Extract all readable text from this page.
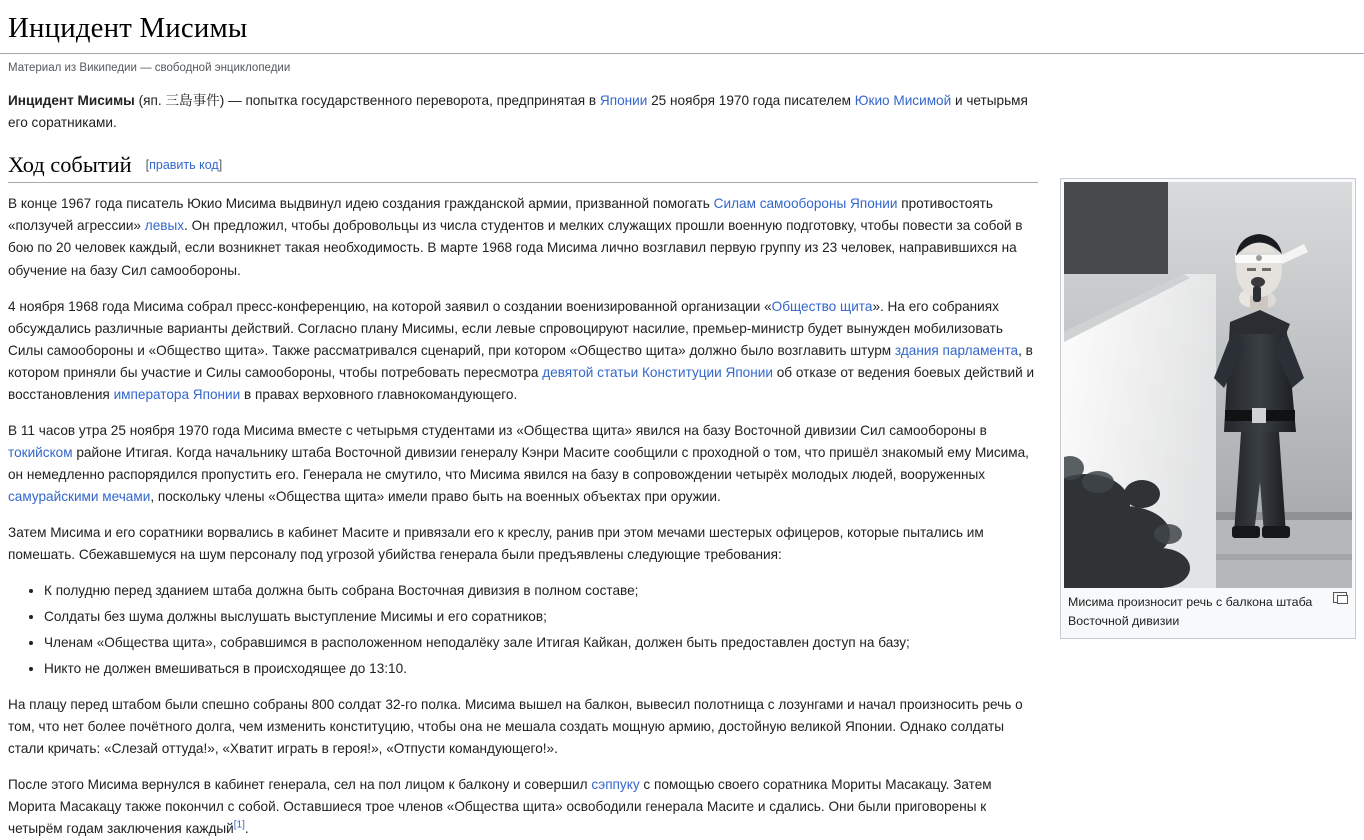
Инцидент Мисимы
Материал из Википедии — свободной энциклопедии
Мисима произносит речь с балкона штаба Восточной дивизии

Инцидент Мисимы (яп. 三島事件) — попытка государственного переворота, предпринятая в Японии 25 ноября 1970 года писателем Юкио Мисимой и четырьмя его соратниками.

Ход событий [править код]

В конце 1967 года писатель Юкио Мисима выдвинул идею создания гражданской армии, призванной помогать Силам самообороны Японии противостоять «ползучей агрессии» левых. Он предложил, чтобы добровольцы из числа студентов и мелких служащих прошли военную подготовку, чтобы повести за собой в бою по 20 человек каждый, если возникнет такая необходимость. В марте 1968 года Мисима лично возглавил первую группу из 23 человек, направившихся на обучение на базу Сил самообороны.

4 ноября 1968 года Мисима собрал пресс-конференцию, на которой заявил о создании военизированной организации «Общество щита». На его собраниях обсуждались различные варианты действий. Согласно плану Мисимы, если левые спровоцируют насилие, премьер-министр будет вынужден мобилизовать Силы самообороны и «Общество щита». Также рассматривался сценарий, при котором «Общество щита» должно было возглавить штурм здания парламента, в котором приняли бы участие и Силы самообороны, чтобы потребовать пересмотра девятой статьи Конституции Японии об отказе от ведения боевых действий и восстановления императора Японии в правах верховного главнокомандующего.

В 11 часов утра 25 ноября 1970 года Мисима вместе с четырьмя студентами из «Общества щита» явился на базу Восточной дивизии Сил самообороны в токийском районе Итигая. Когда начальнику штаба Восточной дивизии генералу Кэнри Масите сообщили с проходной о том, что пришёл знакомый ему Мисима, он немедленно распорядился пропустить его. Генерала не смутило, что Мисима явился на базу в сопровождении четырёх молодых людей, вооруженных самурайскими мечами, поскольку члены «Общества щита» имели право быть на военных объектах при оружии.

Затем Мисима и его соратники ворвались в кабинет Масите и привязали его к креслу, ранив при этом мечами шестерых офицеров, которые пытались им помешать. Сбежавшемуся на шум персоналу под угрозой убийства генерала были предъявлены следующие требования:

• К полудню перед зданием штаба должна быть собрана Восточная дивизия в полном составе;
• Солдаты без шума должны выслушать выступление Мисимы и его соратников;
• Членам «Общества щита», собравшимся в расположенном неподалёку зале Итигая Кайкан, должен быть предоставлен доступ на базу;
• Никто не должен вмешиваться в происходящее до 13:10.

На плацу перед штабом были спешно собраны 800 солдат 32-го полка. Мисима вышел на балкон, вывесил полотнища с лозунгами и начал произносить речь о том, что нет более почётного долга, чем изменить конституцию, чтобы она не мешала создать мощную армию, достойную великой Японии. Однако солдаты стали кричать: «Слезай оттуда!», «Хватит играть в героя!», «Отпусти командующего!».

После этого Мисима вернулся в кабинет генерала, сел на пол лицом к балкону и совершил сэппуку с помощью своего соратника Мориты Масакацу. Затем Морита Масакацу также покончил с собой. Оставшиеся трое членов «Общества щита» освободили генерала Масите и сдались. Они были приговорены к четырём годам заключения каждый[1].
